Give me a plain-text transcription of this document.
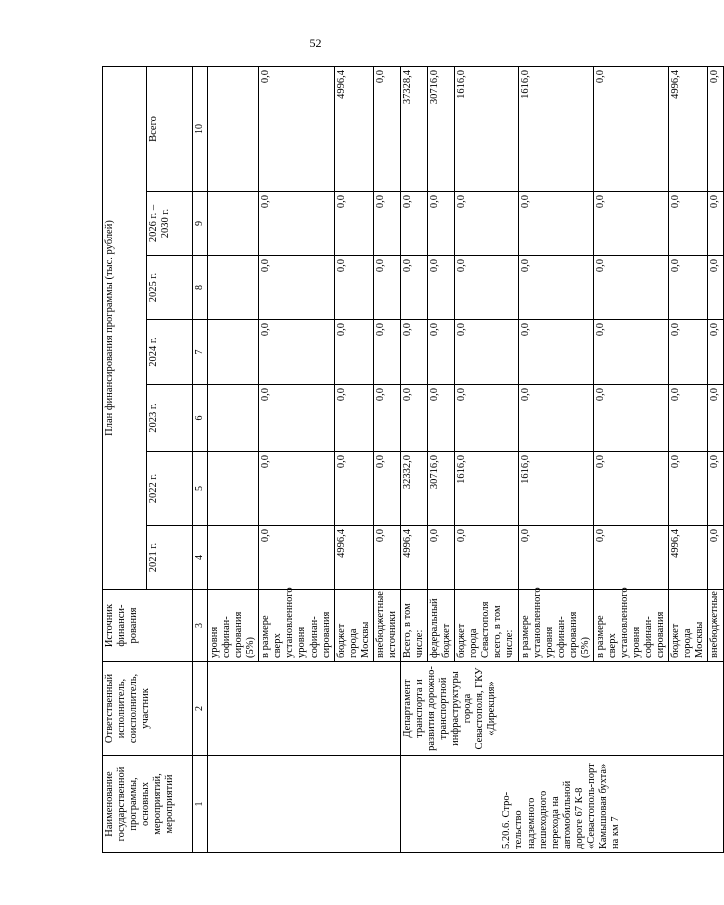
52
Наименование государственной программы, основных мероприятий, мероприятий	Ответственный исполнитель, соисполнитель, участник	Источник финанси-рования	План финансирования программы (тыс. рублей)						
			2021 г.	2022 г.	2023 г.	2024 г.	2025 г.	2026 г. – 2030 г.	Всего
1	2	3	4	5	6	7	8	9	10
		уровня софинан-сирования (5%)							
		в размере сверх установленного уровня софинан-сирования	0,0	0,0	0,0	0,0	0,0	0,0	0,0
		бюджет города Москвы	4996,4	0,0	0,0	0,0	0,0	0,0	4996,4
		внебюджетные источники	0,0	0,0	0,0	0,0	0,0	0,0	0,0
5.20.6. Стро-тельство надземного пешеходного перехода на автомобильной дороге 67 К-8 «Севастополь-порт Камышовая бухта» на км 7	Департамент транспорта и развития дорожно-транспортной инфраструктуры города Севастополя, ГКУ «Дирекция»	Всего, в том числе:	4996,4	32332,0	0,0	0,0	0,0	0,0	37328,4
		федеральный бюджет	0,0	30716,0	0,0	0,0	0,0	0,0	30716,0
		бюджет города Севастополя всего, в том числе:	0,0	1616,0	0,0	0,0	0,0	0,0	1616,0
		в размере установленного уровня софинан-сирования (5%)	0,0	1616,0	0,0	0,0	0,0	0,0	1616,0
		в размере сверх установленного уровня софинан-сирования	0,0	0,0	0,0	0,0	0,0	0,0	0,0
		бюджет города Москвы	4996,4	0,0	0,0	0,0	0,0	0,0	4996,4
		внебюджетные	0,0	0,0	0,0	0,0	0,0	0,0	0,0
